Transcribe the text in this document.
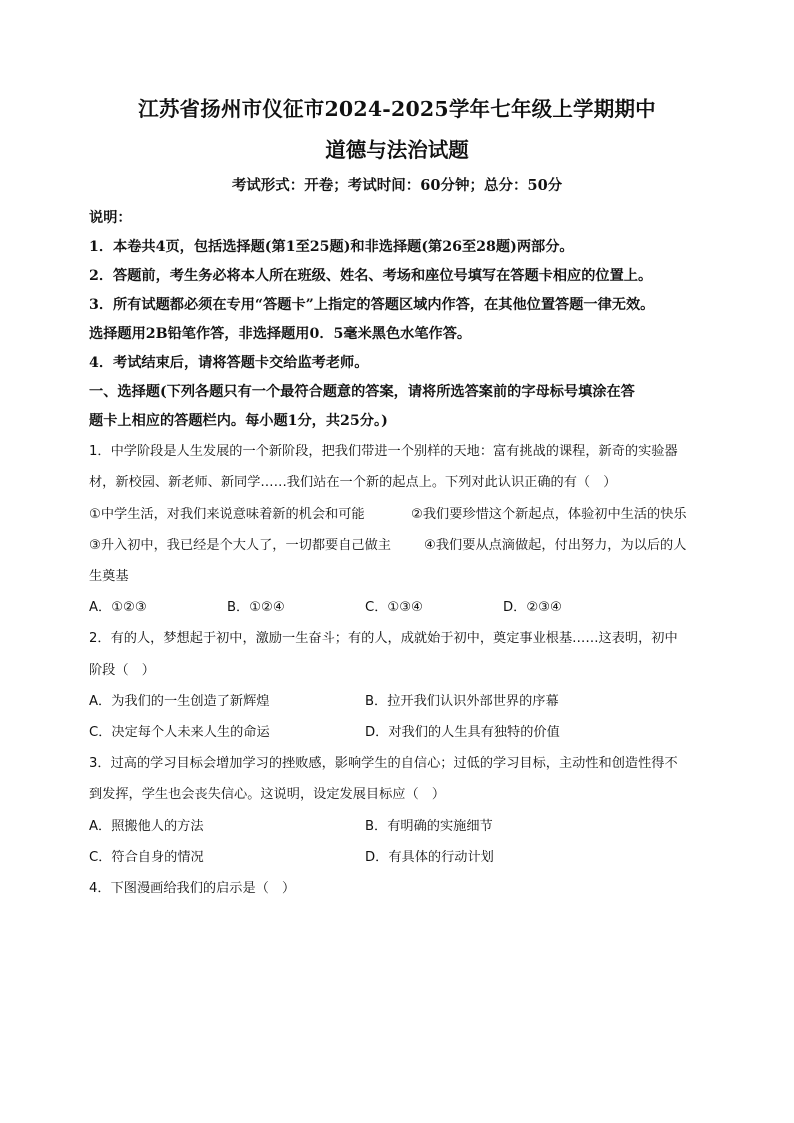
江苏省扬州市仪征市2024-2025学年七年级上学期期中
道德与法治试题
考试形式：开卷；考试时间：60分钟；总分：50分
说明：
1．本卷共4页，包括选择题(第1至25题)和非选择题(第26至28题)两部分。
2．答题前，考生务必将本人所在班级、姓名、考场和座位号填写在答题卡相应的位置上。
3．所有试题都必须在专用“答题卡”上指定的答题区域内作答，在其他位置答题一律无效。
选择题用2B铅笔作答，非选择题用0．5毫米黑色水笔作答。
4．考试结束后，请将答题卡交给监考老师。
一、选择题(下列各题只有一个最符合题意的答案，请将所选答案前的字母标号填涂在答
题卡上相应的答题栏内。每小题1分，共25分。)
1．中学阶段是人生发展的一个新阶段，把我们带进一个别样的天地：富有挑战的课程，新奇的实验器
材，新校园、新老师、新同学……我们站在一个新的起点上。下列对此认识正确的有（　）
①中学生活，对我们来说意味着新的机会和可能	②我们要珍惜这个新起点，体验初中生活的快乐
③升入初中，我已经是个大人了，一切都要自己做主	④我们要从点滴做起，付出努力，为以后的人
生奠基
A．①②③	B．①②④	C．①③④	D．②③④
2．有的人，梦想起于初中，激励一生奋斗；有的人，成就始于初中，奠定事业根基……这表明，初中
阶段（　）
A．为我们的一生创造了新辉煌	B．拉开我们认识外部世界的序幕
C．决定每个人未来人生的命运	D．对我们的人生具有独特的价值
3．过高的学习目标会增加学习的挫败感，影响学生的自信心；过低的学习目标，主动性和创造性得不
到发挥，学生也会丧失信心。这说明，设定发展目标应（　）
A．照搬他人的方法	B．有明确的实施细节
C．符合自身的情况	D．有具体的行动计划
4．下图漫画给我们的启示是（　）
